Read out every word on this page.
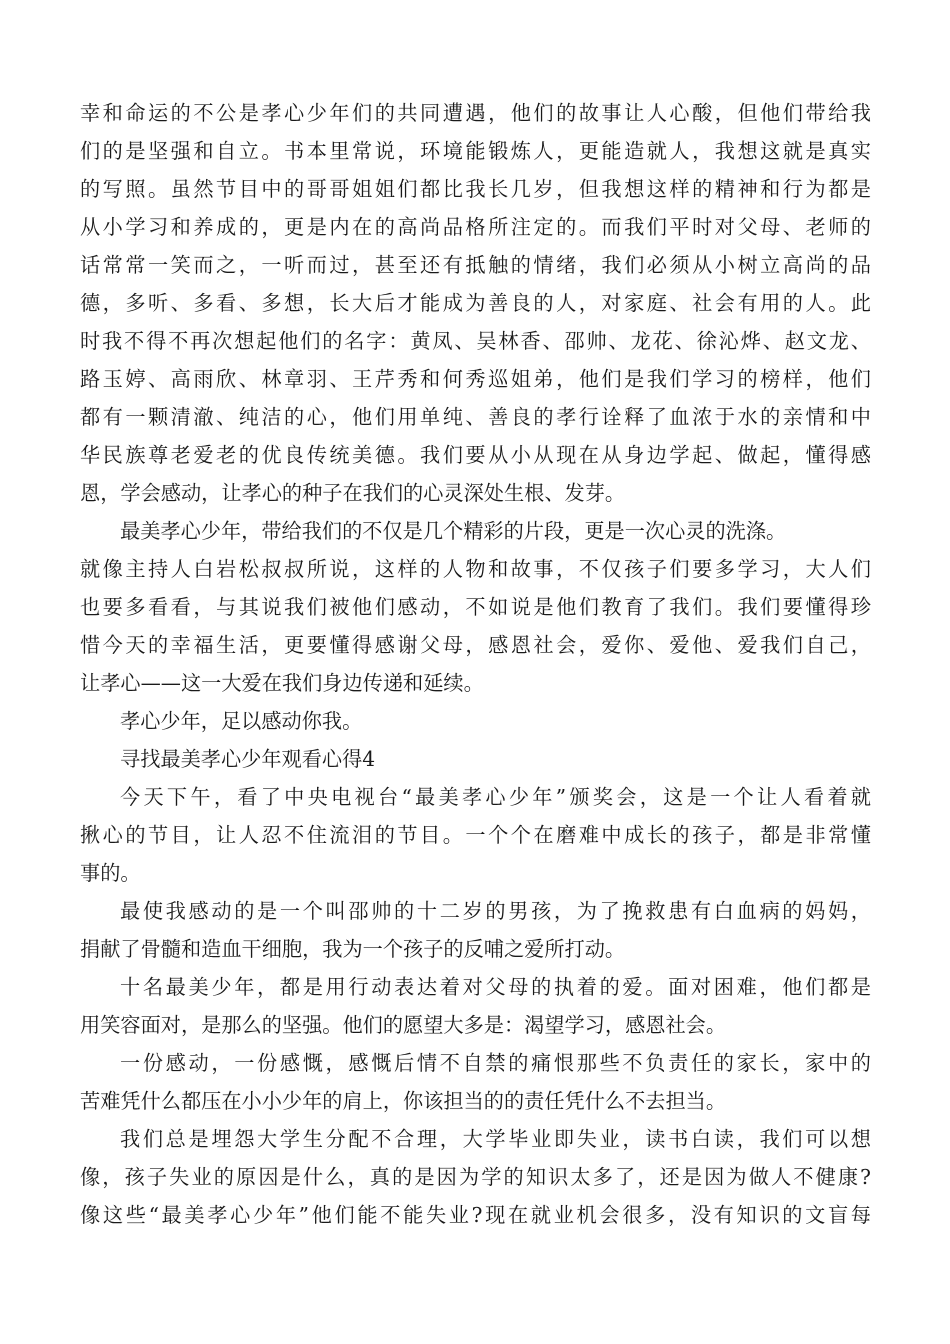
幸和命运的不公是孝心少年们的共同遭遇，他们的故事让人心酸，但他们带给我

们的是坚强和自立。书本里常说，环境能锻炼人，更能造就人，我想这就是真实

的写照。虽然节目中的哥哥姐姐们都比我长几岁，但我想这样的精神和行为都是

从小学习和养成的，更是内在的高尚品格所注定的。而我们平时对父母、老师的

话常常一笑而之，一听而过，甚至还有抵触的情绪，我们必须从小树立高尚的品

德，多听、多看、多想，长大后才能成为善良的人，对家庭、社会有用的人。此

时我不得不再次想起他们的名字：黄凤、吴林香、邵帅、龙花、徐沁烨、赵文龙、

路玉婷、高雨欣、林章羽、王芹秀和何秀巡姐弟，他们是我们学习的榜样，他们

都有一颗清澈、纯洁的心，他们用单纯、善良的孝行诠释了血浓于水的亲情和中

华民族尊老爱老的优良传统美德。我们要从小从现在从身边学起、做起，懂得感

恩，学会感动，让孝心的种子在我们的心灵深处生根、发芽。

最美孝心少年，带给我们的不仅是几个精彩的片段，更是一次心灵的洗涤。

就像主持人白岩松叔叔所说，这样的人物和故事，不仅孩子们要多学习，大人们

也要多看看，与其说我们被他们感动，不如说是他们教育了我们。我们要懂得珍

惜今天的幸福生活，更要懂得感谢父母，感恩社会，爱你、爱他、爱我们自己，

让孝心——这一大爱在我们身边传递和延续。

孝心少年，足以感动你我。

寻找最美孝心少年观看心得4

今天下午，看了中央电视台“最美孝心少年”颁奖会，这是一个让人看着就

揪心的节目，让人忍不住流泪的节目。一个个在磨难中成长的孩子，都是非常懂

事的。

最使我感动的是一个叫邵帅的十二岁的男孩，为了挽救患有白血病的妈妈，

捐献了骨髓和造血干细胞，我为一个孩子的反哺之爱所打动。

十名最美少年，都是用行动表达着对父母的执着的爱。面对困难，他们都是

用笑容面对，是那么的坚强。他们的愿望大多是：渴望学习，感恩社会。

一份感动，一份感慨，感慨后情不自禁的痛恨那些不负责任的家长，家中的

苦难凭什么都压在小小少年的肩上，你该担当的的责任凭什么不去担当。

我们总是埋怨大学生分配不合理，大学毕业即失业，读书白读，我们可以想

像，孩子失业的原因是什么，真的是因为学的知识太多了，还是因为做人不健康?

像这些“最美孝心少年”他们能不能失业?现在就业机会很多，没有知识的文盲每
